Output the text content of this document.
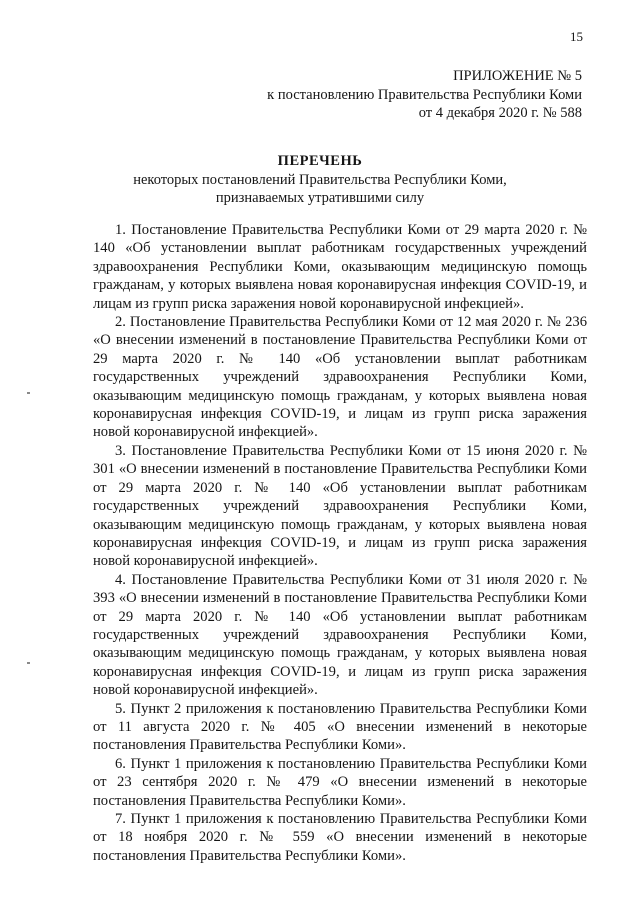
15
ПРИЛОЖЕНИЕ № 5
к постановлению Правительства Республики Коми
от 4 декабря 2020 г. № 588
ПЕРЕЧЕНЬ
некоторых постановлений Правительства Республики Коми,
признаваемых утратившими силу
1. Постановление Правительства Республики Коми от 29 марта 2020 г. № 140 «Об установлении выплат работникам государственных учреждений здравоохранения Республики Коми, оказывающим медицинскую помощь гражданам, у которых выявлена новая коронавирусная инфекция COVID-19, и лицам из групп риска заражения новой коронавирусной инфекцией».
2. Постановление Правительства Республики Коми от 12 мая 2020 г. № 236 «О внесении изменений в постановление Правительства Республики Коми от 29 марта 2020 г. № 140 «Об установлении выплат работникам государственных учреждений здравоохранения Республики Коми, оказывающим медицинскую помощь гражданам, у которых выявлена новая коронавирусная инфекция COVID-19, и лицам из групп риска заражения новой коронавирусной инфекцией».
3. Постановление Правительства Республики Коми от 15 июня 2020 г. № 301 «О внесении изменений в постановление Правительства Республики Коми от 29 марта 2020 г. № 140 «Об установлении выплат работникам государственных учреждений здравоохранения Республики Коми, оказывающим медицинскую помощь гражданам, у которых выявлена новая коронавирусная инфекция COVID-19, и лицам из групп риска заражения новой коронавирусной инфекцией».
4. Постановление Правительства Республики Коми от 31 июля 2020 г. № 393 «О внесении изменений в постановление Правительства Республики Коми от 29 марта 2020 г. № 140 «Об установлении выплат работникам государственных учреждений здравоохранения Республики Коми, оказывающим медицинскую помощь гражданам, у которых выявлена новая коронавирусная инфекция COVID-19, и лицам из групп риска заражения новой коронавирусной инфекцией».
5. Пункт 2 приложения к постановлению Правительства Республики Коми от 11 августа 2020 г. № 405 «О внесении изменений в некоторые постановления Правительства Республики Коми».
6. Пункт 1 приложения к постановлению Правительства Республики Коми от 23 сентября 2020 г. № 479 «О внесении изменений в некоторые постановления Правительства Республики Коми».
7. Пункт 1 приложения к постановлению Правительства Республики Коми от 18 ноября 2020 г. № 559 «О внесении изменений в некоторые постановления Правительства Республики Коми».
